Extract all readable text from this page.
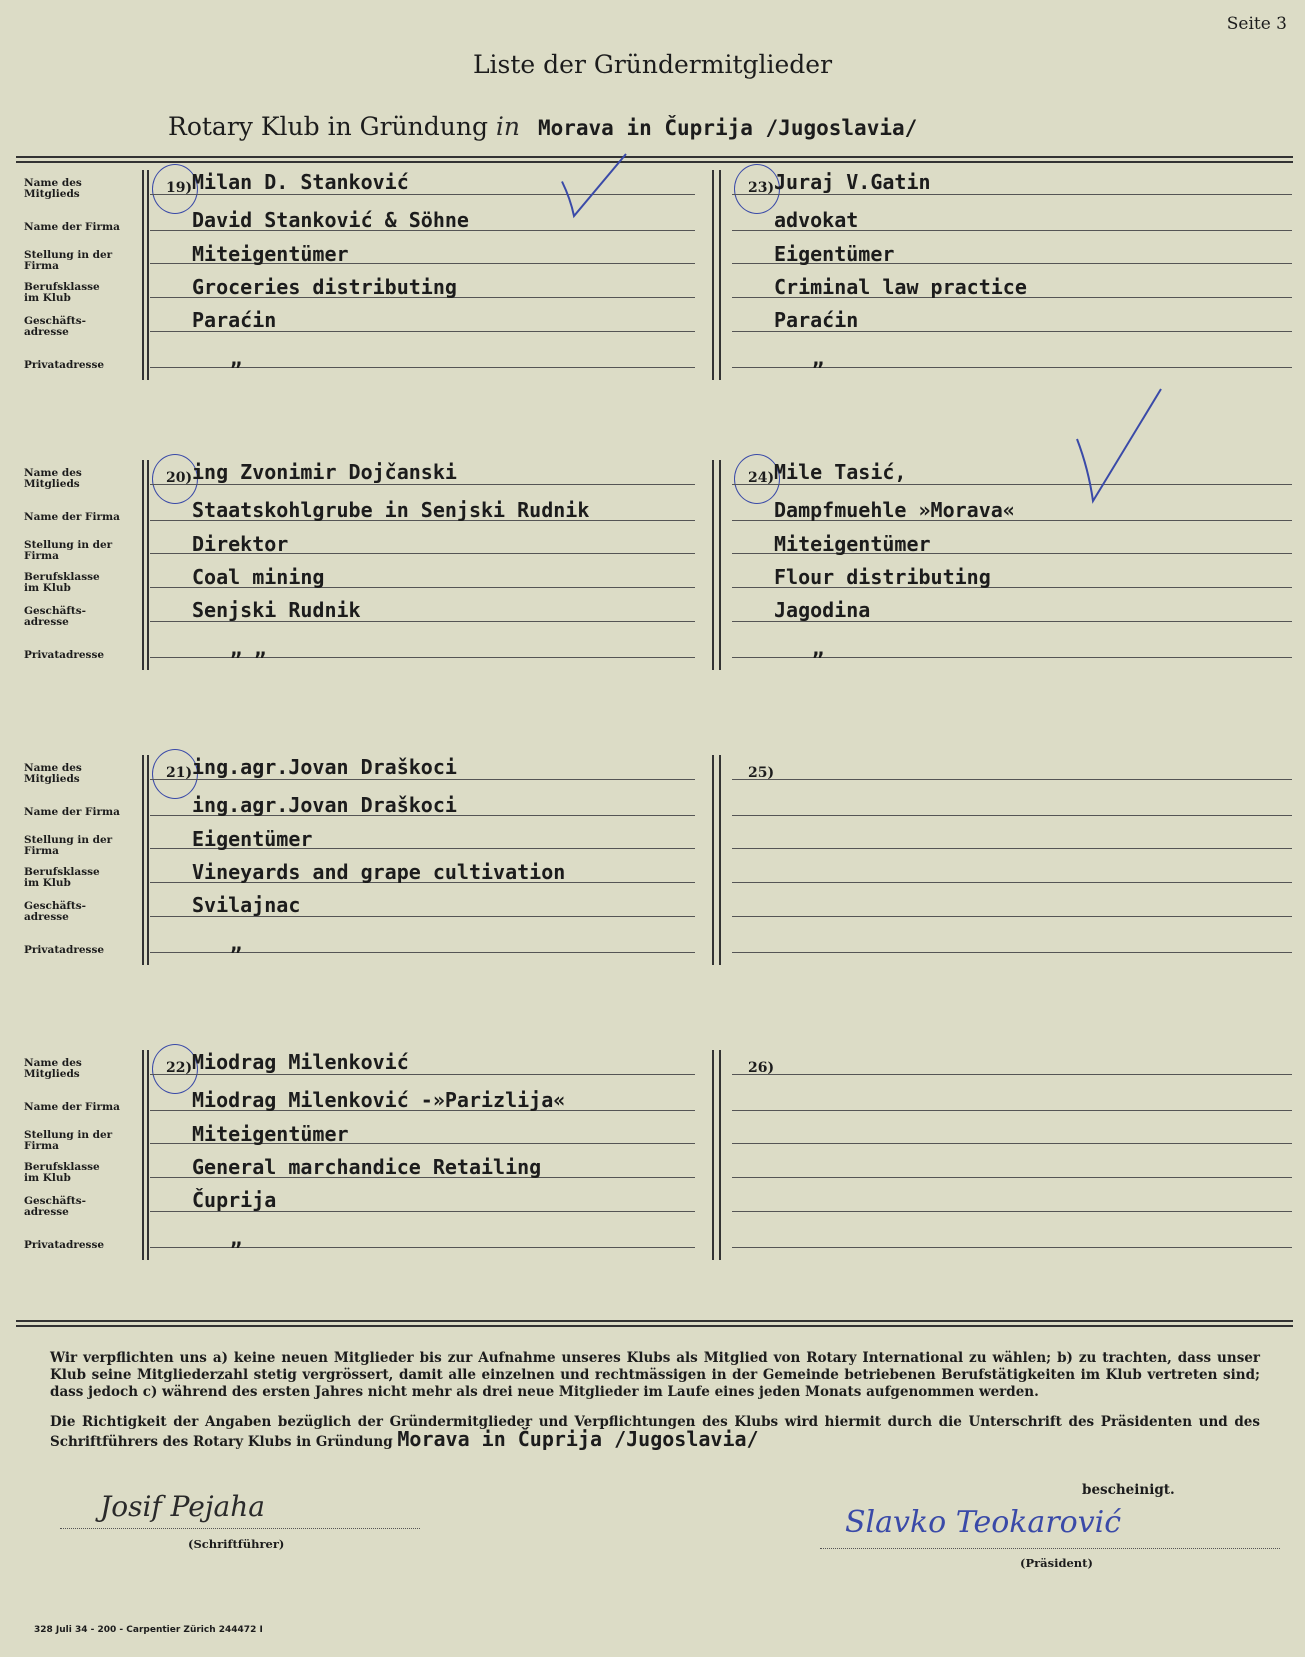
Seite 3
Liste der Gründermitglieder
Rotary Klub in Gründung in Morava in Čuprija /Jugoslavia/
Name des Mitglieds
Name der Firma
Stellung in der Firma
Berufsklasse im Klub
Geschäfts-adresse
Privatadresse
19) Milan D. Stanković
David Stanković & Söhne
Miteigentümer
Groceries distributing
Paraćin
„
23) Juraj V.Gatin
advokat
Eigentümer
Criminal law practice
Paraćin
„
Name des Mitglieds
Name der Firma
Stellung in der Firma
Berufsklasse im Klub
Geschäfts-adresse
Privatadresse
20) ing Zvonimir Dojčanski
Staatskohlgrube in Senjski Rudnik
Direktor
Coal mining
Senjski Rudnik
„ „
24) Mile Tasić,
Dampfmuehle »Morava«
Miteigentümer
Flour distributing
Jagodina
„
Name des Mitglieds
Name der Firma
Stellung in der Firma
Berufsklasse im Klub
Geschäfts-adresse
Privatadresse
21) ing.agr.Jovan Draškoci
ing.agr.Jovan Draškoci
Eigentümer
Vineyards and grape cultivation
Svilajnac
„
25)
Name des Mitglieds
Name der Firma
Stellung in der Firma
Berufsklasse im Klub
Geschäfts-adresse
Privatadresse
22) Miodrag Milenković
Miodrag Milenković -»Parizlija«
Miteigentümer
General marchandice Retailing
Čuprija
„
26)

Wir verpflichten uns a) keine neuen Mitglieder bis zur Aufnahme unseres Klubs als Mitglied von Rotary International zu wählen; b) zu trachten, dass unser Klub seine Mitgliederzahl stetig vergrössert, damit alle einzelnen und rechtmässigen in der Gemeinde betriebenen Berufstätigkeiten im Klub vertreten sind; dass jedoch c) während des ersten Jahres nicht mehr als drei neue Mitglieder im Laufe eines jeden Monats aufgenommen werden.

Die Richtigkeit der Angaben bezüglich der Gründermitglieder und Verpflichtungen des Klubs wird hiermit durch die Unterschrift des Präsidenten und des Schriftführers des Rotary Klubs in Gründung Morava in Čuprija /Jugoslavia/

bescheinigt.
Josif Pejaha
(Schriftführer)
Slavko Teokarović
(Präsident)
328 Juli 34 - 200 - Carpentier Zürich 244472 I
